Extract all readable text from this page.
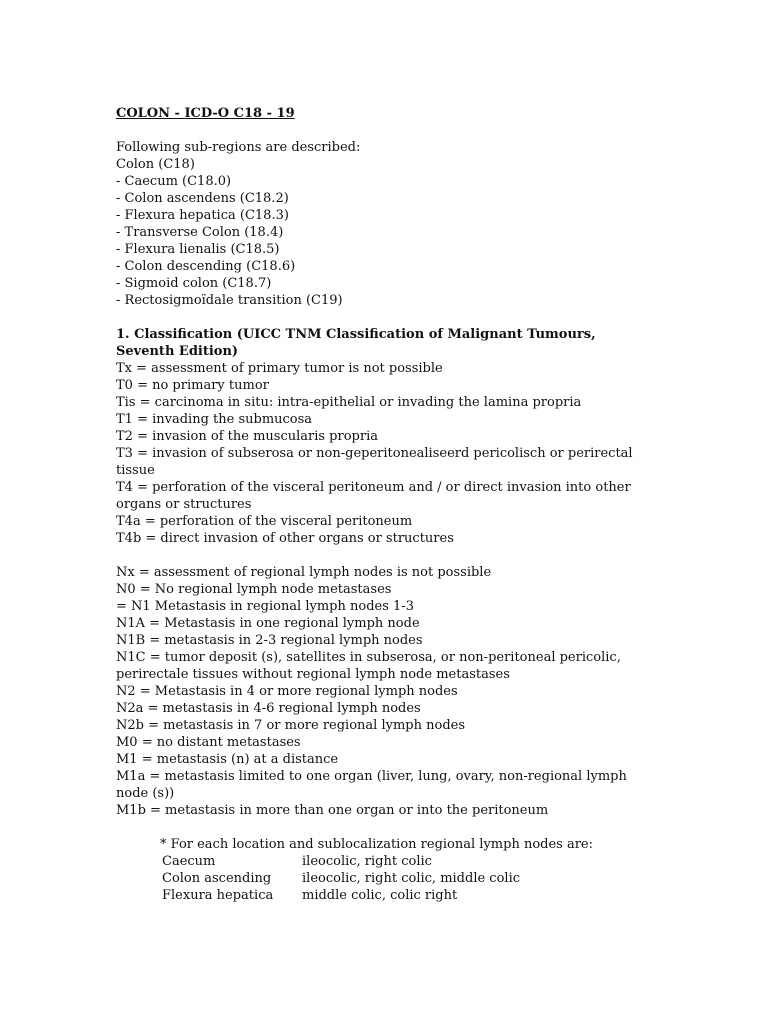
COLON - ICD-O C18 - 19
Following sub-regions are described:
Colon (C18)
- Caecum (C18.0)
- Colon ascendens (C18.2)
- Flexura hepatica (C18.3)
- Transverse Colon (18.4)
- Flexura lienalis (C18.5)
- Colon descending (C18.6)
- Sigmoid colon (C18.7)
- Rectosigmoïdale transition (C19)
1. Classification (UICC TNM Classification of Malignant Tumours, Seventh Edition)
Tx = assessment of primary tumor is not possible
T0 = no primary tumor
Tis = carcinoma in situ: intra-epithelial or invading the lamina propria
T1 = invading the submucosa
T2 = invasion of the muscularis propria
T3 = invasion of subserosa or non-geperitonealiseerd pericolisch or perirectal tissue
T4 = perforation of the visceral peritoneum and / or direct invasion into other organs or structures
T4a = perforation of the visceral peritoneum
T4b = direct invasion of other organs or structures
Nx = assessment of regional lymph nodes is not possible
N0 = No regional lymph node metastases
= N1 Metastasis in regional lymph nodes 1-3
N1A = Metastasis in one regional lymph node
N1B = metastasis in 2-3 regional lymph nodes
N1C = tumor deposit (s), satellites in subserosa, or non-peritoneal pericolic, perirectale tissues without regional lymph node metastases
N2 = Metastasis in 4 or more regional lymph nodes
N2a = metastasis in 4-6 regional lymph nodes
N2b = metastasis in 7 or more regional lymph nodes
M0 = no distant metastases
M1 = metastasis (n) at a distance
M1a = metastasis limited to one organ (liver, lung, ovary, non-regional lymph node (s))
M1b = metastasis in more than one organ or into the peritoneum
* For each location and sublocalization regional lymph nodes are:
Caecum	ileocolic, right colic
Colon ascending	ileocolic, right colic, middle colic
Flexura hepatica	middle colic, colic right
